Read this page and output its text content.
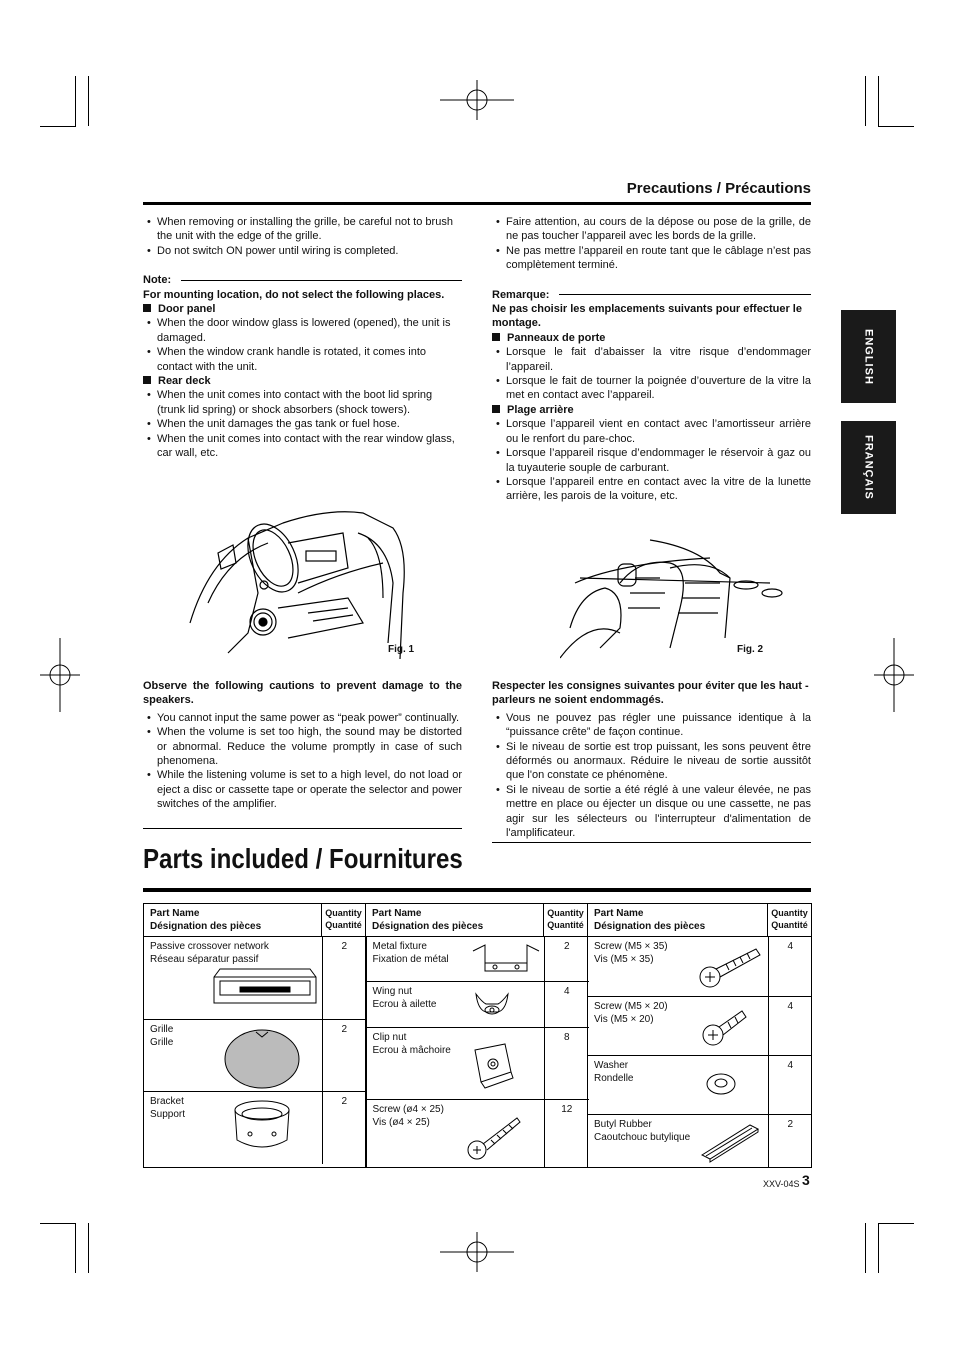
Precautions / Précautions
ENGLISH
FRANÇAIS
• When removing or installing the grille, be careful not to brush the unit with the edge of the grille.
• Do not switch ON power until wiring is completed.
Note:
For mounting location, do not select the following places.
Door panel
• When the door window glass is lowered (opened), the unit is damaged.
• When the window crank handle is rotated, it comes into contact with the unit.
Rear deck
• When the unit comes into contact with the boot lid spring (trunk lid spring) or shock absorbers (shock towers).
• When the unit damages the gas tank or fuel hose.
• When the unit comes into contact with the rear window glass, car wall, etc.
• Faire attention, au cours de la dépose ou pose de la grille, de ne pas toucher l’appareil avec les bords de la grille.
• Ne pas mettre l’appareil en route tant que le câblage n’est pas complètement terminé.
Remarque:
Ne pas choisir les emplacements suivants pour effectuer le montage.
Panneaux de porte
• Lorsque le fait d’abaisser la vitre risque d’endommager l’appareil.
• Lorsque le fait de tourner la poignée d’ouverture de la vitre la met en contact avec l’appareil.
Plage arrière
• Lorsque l’appareil vient en contact avec l’amortisseur arrière ou le renfort du pare-choc.
• Lorsque l’appareil risque d’endommager le réservoir à gaz ou la tuyauterie souple de carburant.
• Lorsque l’appareil entre en contact avec la vitre de la lunette arrière, les parois de la voiture, etc.
Fig. 1	Fig. 2
Observe the following cautions to prevent damage to the speakers.
• You cannot input the same power as “peak power” continually.
• When the volume is set too high, the sound may be distorted or abnormal. Reduce the volume promptly in case of such phenomena.
• While the listening volume is set to a high level, do not load or eject a disc or cassette tape or operate the selector and power switches of the amplifier.
Respecter les consignes suivantes pour éviter que les haut - parleurs ne soient endommagés.
• Vous ne pouvez pas régler une puissance identique à la “puissance crête” de façon continue.
• Si le niveau de sortie est trop puissant, les sons peuvent être déformés ou anormaux. Réduire le niveau de sortie aussitôt que l'on constate ce phénomène.
• Si le niveau de sortie a été réglé à une valeur élevée, ne pas mettre en place ou éjecter un disque ou une cassette, ne pas agir sur les sélecteurs ou l'interrupteur d'alimentation de l'amplificateur.
Parts included / Fournitures
Part Name
Désignation des pièces

Quantity
Quantité

Part Name
Désignation des pièces

Quantity
Quantité

Part Name
Désignation des pièces

Quantity
Quantité

Passive crossover network
Réseau séparatur passif
	2

Grille
Grille
	2

Bracket
Support
	2

Metal fixture
Fixation de métal
	2

Wing nut
Ecrou à ailette
	4

Clip nut
Ecrou à mâchoire
	8

Screw (ø4 × 25)
Vis (ø4 × 25)
	12

Screw (M5 × 35)
Vis (M5 × 35)
	4

Screw (M5 × 20)
Vis (M5 × 20)
	4

Washer
Rondelle
	4

Butyl Rubber
Caoutchouc butylique
	2
XXV-04S 3
